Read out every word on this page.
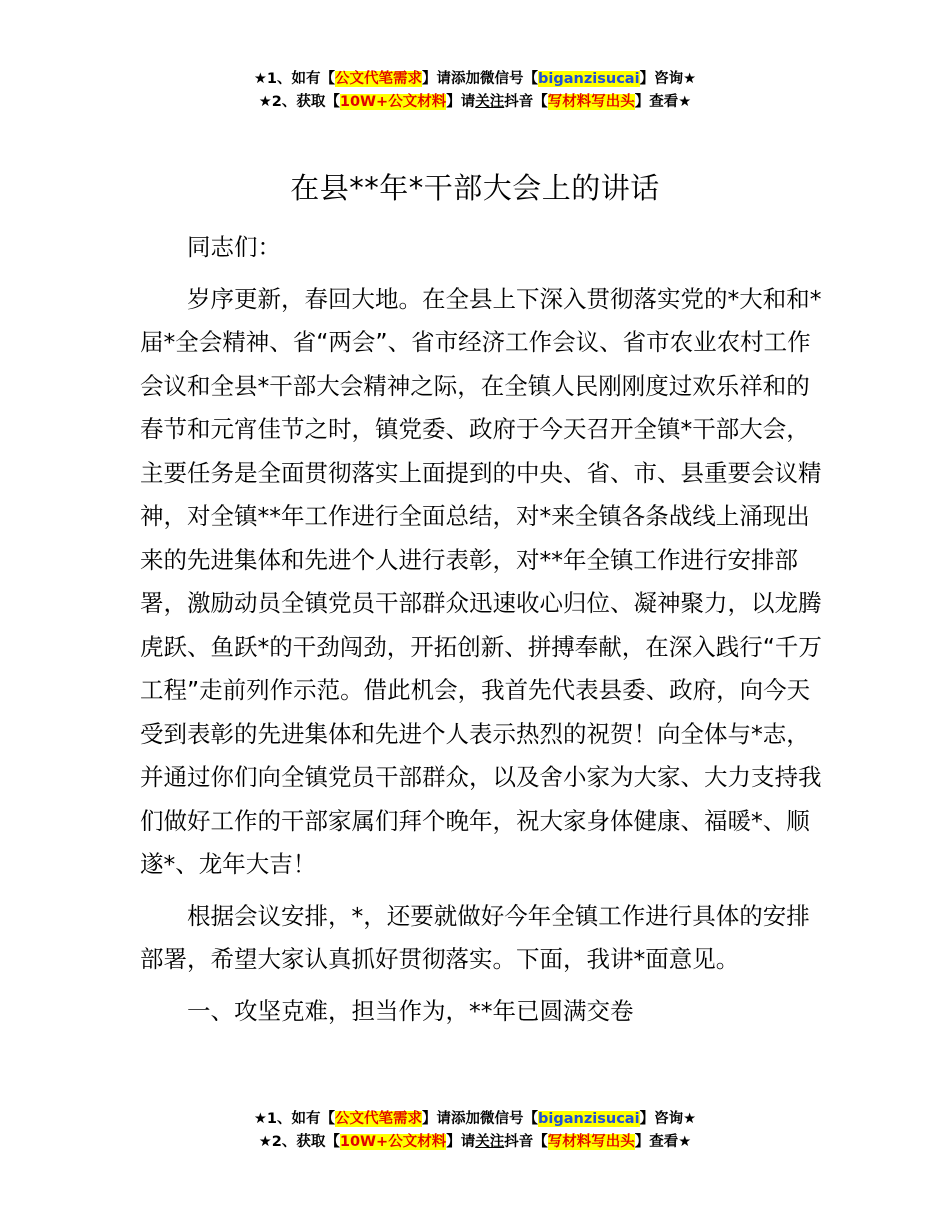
★1、如有【公文代笔需求】请添加微信号【biganzisucai】咨询★
★2、获取【10W+公文材料】请关注抖音【写材料写出头】查看★
在县**年*干部大会上的讲话

同志们：

岁序更新，春回大地。在全县上下深入贯彻落实党的*大和和*届*全会精神、省“两会”、省市经济工作会议、省市农业农村工作会议和全县*干部大会精神之际，在全镇人民刚刚度过欢乐祥和的春节和元宵佳节之时，镇党委、政府于今天召开全镇*干部大会，主要任务是全面贯彻落实上面提到的中央、省、市、县重要会议精神，对全镇**年工作进行全面总结，对*来全镇各条战线上涌现出来的先进集体和先进个人进行表彰，对**年全镇工作进行安排部署，激励动员全镇党员干部群众迅速收心归位、凝神聚力，以龙腾虎跃、鱼跃*的干劲闯劲，开拓创新、拼搏奉献，在深入践行“千万工程”走前列作示范。借此机会，我首先代表县委、政府，向今天受到表彰的先进集体和先进个人表示热烈的祝贺！向全体与*志，并通过你们向全镇党员干部群众，以及舍小家为大家、大力支持我们做好工作的干部家属们拜个晚年，祝大家身体健康、福暖*、顺遂*、龙年大吉！

根据会议安排，*，还要就做好今年全镇工作进行具体的安排部署，希望大家认真抓好贯彻落实。下面，我讲*面意见。

一、攻坚克难，担当作为，**年已圆满交卷

★1、如有【公文代笔需求】请添加微信号【biganzisucai】咨询★
★2、获取【10W+公文材料】请关注抖音【写材料写出头】查看★
